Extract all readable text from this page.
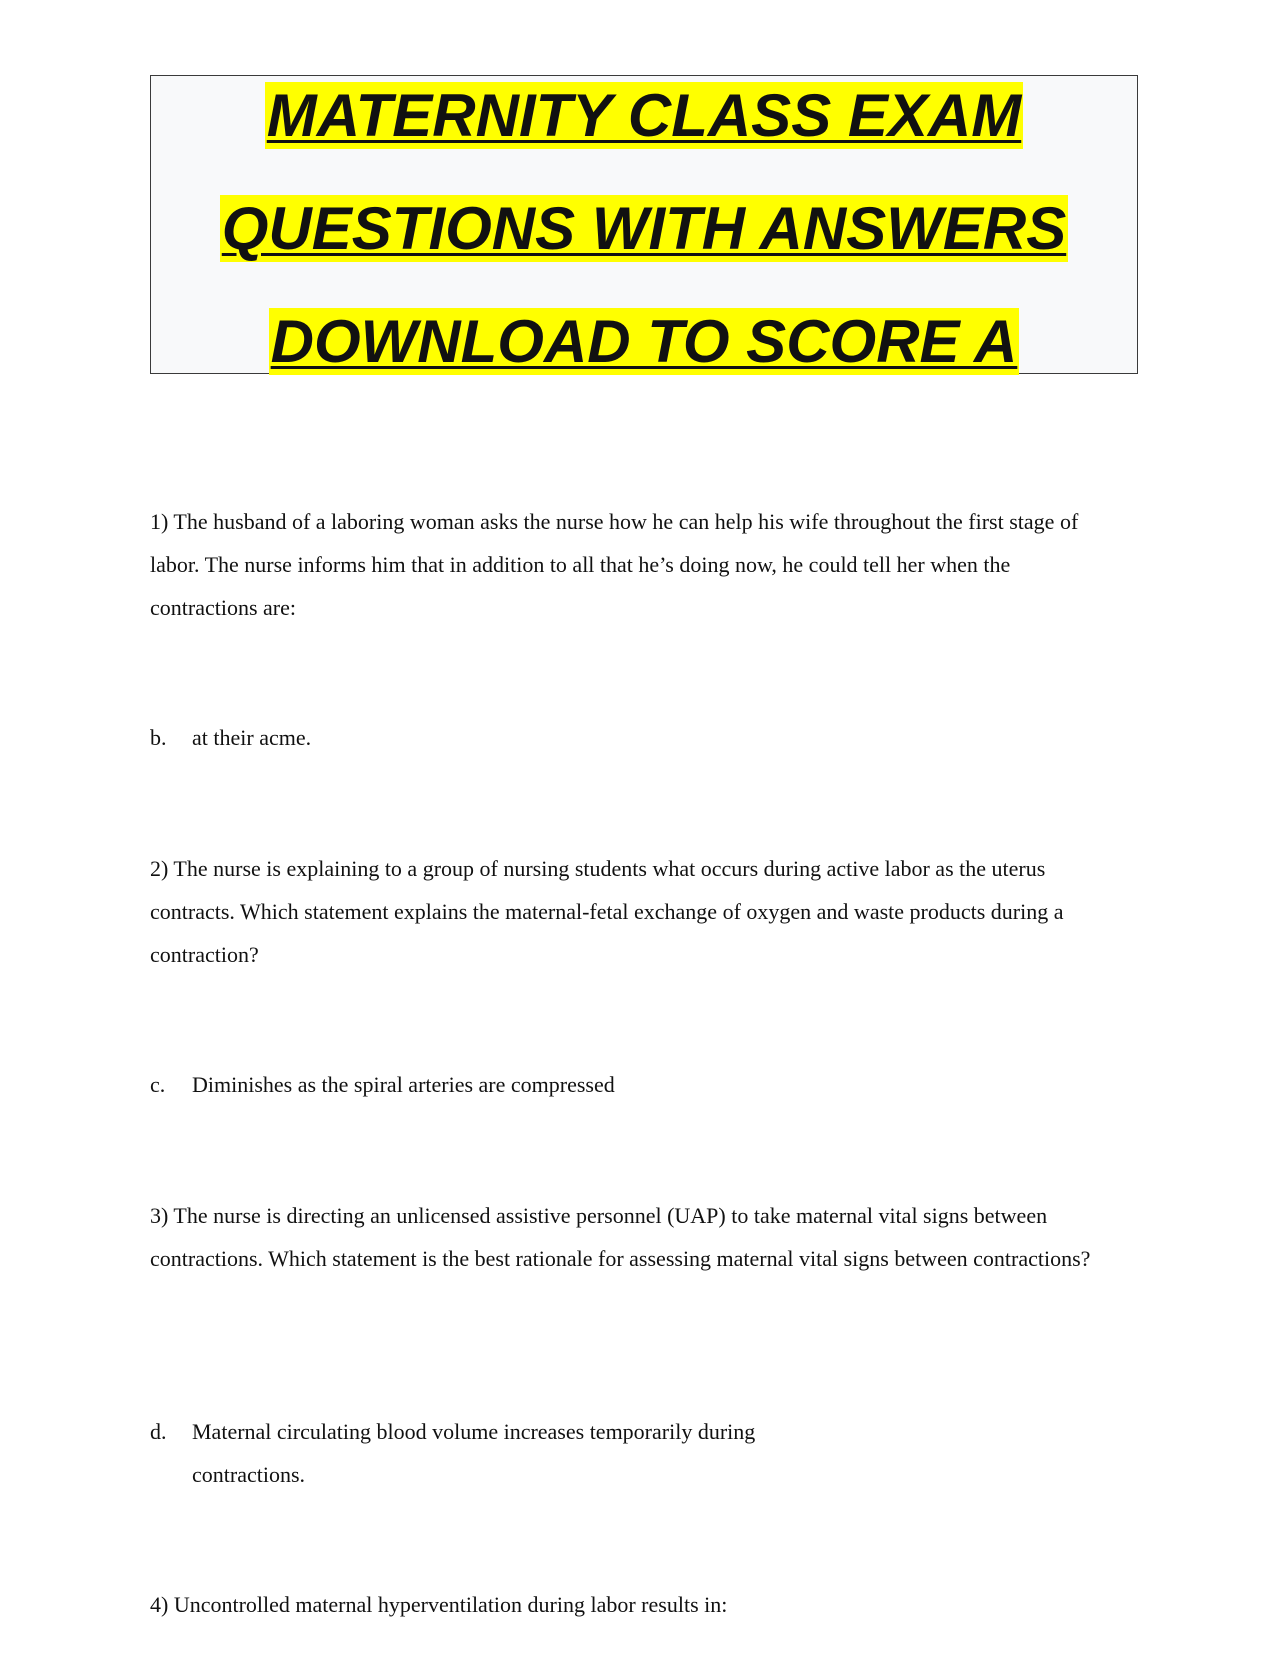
MATERNITY CLASS EXAM
QUESTIONS WITH ANSWERS
DOWNLOAD TO SCORE A

1) The husband of a laboring woman asks the nurse how he can help his wife throughout the first stage of labor. The nurse informs him that in addition to all that he’s doing now, he could tell her when the contractions are:

b. at their acme.

2) The nurse is explaining to a group of nursing students what occurs during active labor as the uterus contracts. Which statement explains the maternal-fetal exchange of oxygen and waste products during a contraction?

c. Diminishes as the spiral arteries are compressed

3) The nurse is directing an unlicensed assistive personnel (UAP) to take maternal vital signs between contractions. Which statement is the best rationale for assessing maternal vital signs between contractions?

d. Maternal circulating blood volume increases temporarily during contractions.

4) Uncontrolled maternal hyperventilation during labor results in:
